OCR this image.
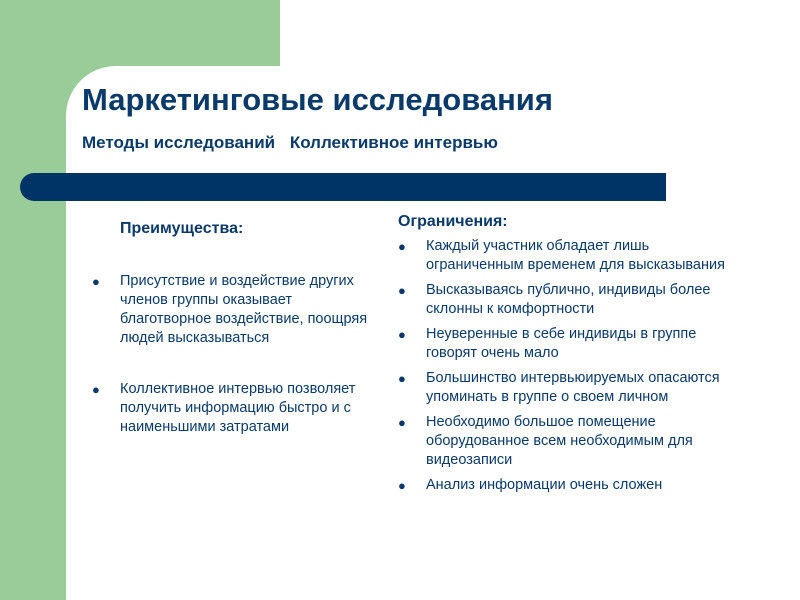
Маркетинговые исследования

Методы исследований Коллективное интервью

Преимущества:

● Присутствие и воздействие других членов группы оказывает благотворное воздействие, поощряя людей высказываться
● Коллективное интервью позволяет получить информацию быстро и с наименьшими затратами

Ограничения:

● Каждый участник обладает лишь ограниченным временем для высказывания
● Высказываясь публично, индивиды более склонны к комфортности
● Неуверенные в себе индивиды в группе говорят очень мало
● Большинство интервьюируемых опасаются упоминать в группе о своем личном
● Необходимо большое помещение оборудованное всем необходимым для видеозаписи
● Анализ информации очень сложен
